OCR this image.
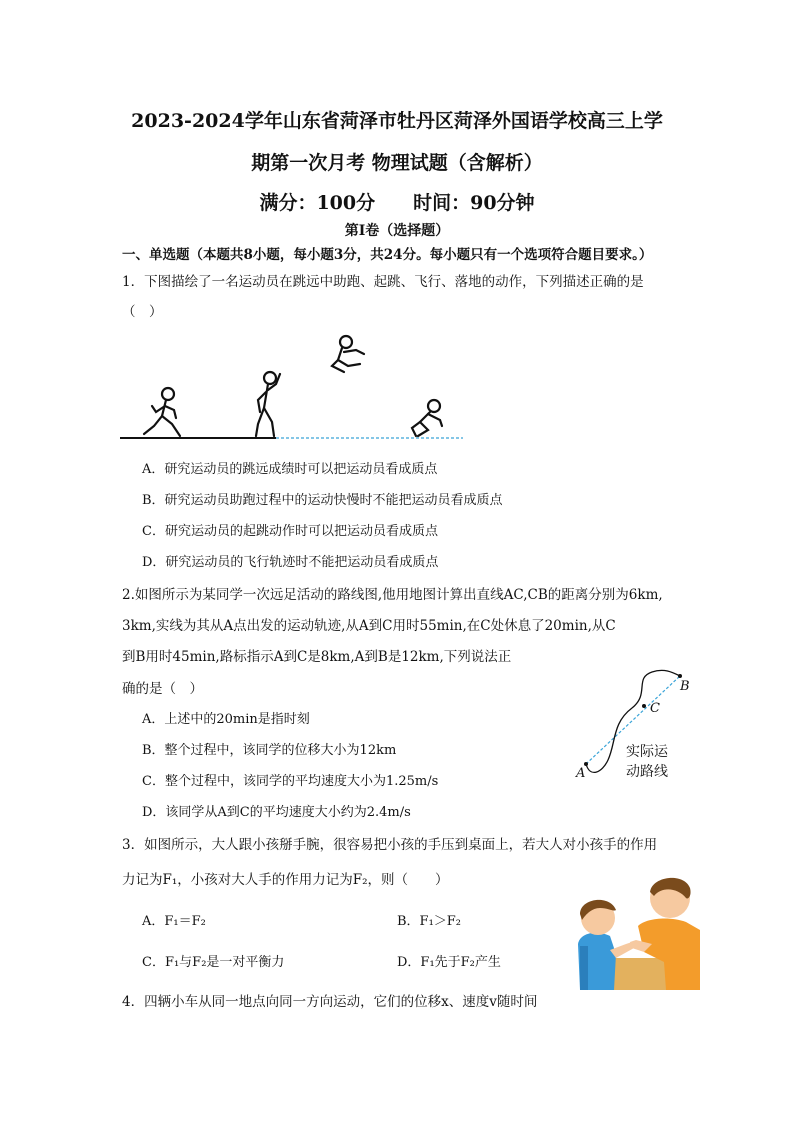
2023-2024学年山东省菏泽市牡丹区菏泽外国语学校高三上学
期第一次月考 物理试题（含解析）
满分：100分 时间：90分钟
第Ⅰ卷（选择题）
一、单选题（本题共8小题，每小题3分，共24分。每小题只有一个选项符合题目要求。）
1．下图描绘了一名运动员在跳远中助跑、起跳、飞行、落地的动作，下列描述正确的是
（　）
A．研究运动员的跳远成绩时可以把运动员看成质点
B．研究运动员助跑过程中的运动快慢时不能把运动员看成质点
C．研究运动员的起跳动作时可以把运动员看成质点
D．研究运动员的飞行轨迹时不能把运动员看成质点
2.如图所示为某同学一次远足活动的路线图,他用地图计算出直线AC,CB的距离分别为6km,
3km,实线为其从A点出发的运动轨迹,从A到C用时55min,在C处休息了20min,从C
到B用时45min,路标指示A到C是8km,A到B是12km,下列说法正
确的是（　）
A．上述中的20min是指时刻
B．整个过程中，该同学的位移大小为12km
C．整个过程中，该同学的平均速度大小为1.25m/s
D．该同学从A到C的平均速度大小约为2.4m/s
A
B
C
实际运
动路线
3．如图所示，大人跟小孩掰手腕，很容易把小孩的手压到桌面上，若大人对小孩手的作用
力记为F₁，小孩对大人手的作用力记为F₂，则（　　）
A．F₁＝F₂	B．F₁＞F₂
C．F₁与F₂是一对平衡力	D．F₁先于F₂产生
4．四辆小车从同一地点向同一方向运动，它们的位移x、速度v随时间
